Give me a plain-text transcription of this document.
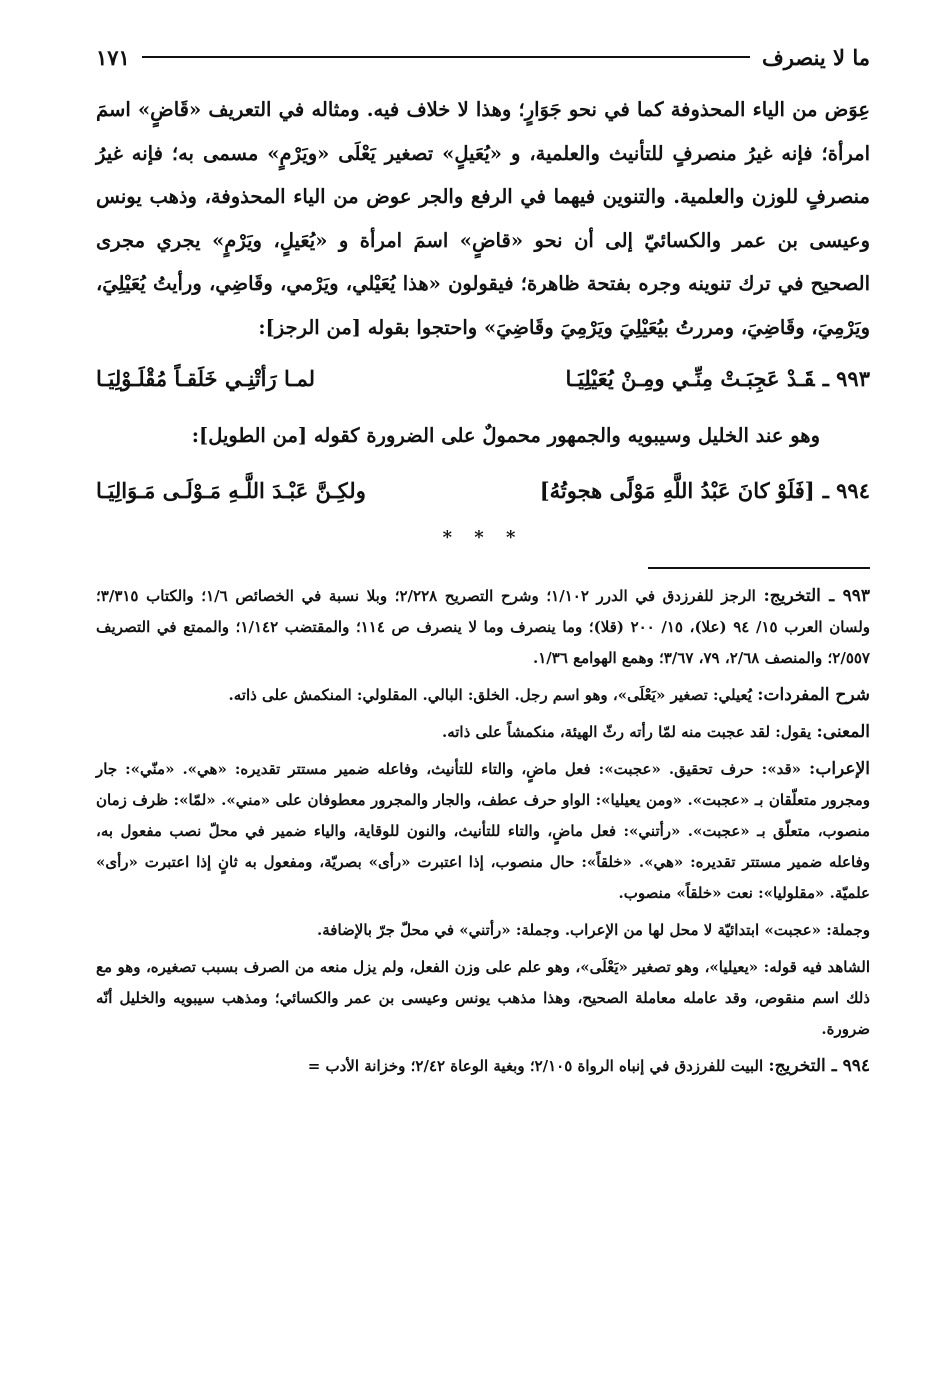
ما لا ينصرف
١٧١

عِوَض من الياء المحذوفة كما في نحو جَوَارٍ؛ وهذا لا خلاف فيه. ومثاله في التعريف «قَاضٍ» اسمَ امرأة؛ فإنه غيرُ منصرفٍ للتأنيث والعلمية، و «يُعَيلٍ» تصغير يَعْلَى «ويَرْمٍ» مسمى به؛ فإنه غيرُ منصرفٍ للوزن والعلمية. والتنوين فيهما في الرفع والجر عوض من الياء المحذوفة، وذهب يونس وعيسى بن عمر والكسائيّ إلى أن نحو «قاضٍ» اسمَ امرأة و «يُعَيلٍ، ويَرْمٍ» يجري مجرى الصحيح في ترك تنوينه وجره بفتحة ظاهرة؛ فيقولون «هذا يُعَيْلي، ويَرْمي، وقَاضِي، ورأيتُ يُعَيْلِيَ، ويَرْمِيَ، وقَاضِيَ، ومررتُ بيُعَيْلِيَ ويَرْمِيَ وقَاضِيَ» واحتجوا بقوله [من الرجز]:

٩٩٣ ـقَـدْ عَجِبَـتْ مِنِّـي ومِـنْ يُعَيْلِيَـا
لمـا رَأتْنِـي خَلَقـاً مُقْلَـوْلِيَـا
وهو عند الخليل وسيبويه والجمهور محمولٌ على الضرورة كقوله [من الطويل]:
٩٩٤ ـ[فَلَوْ كانَ عَبْدُ اللَّهِ مَوْلًى هجوتُهُ]
ولكِـنَّ عَبْـدَ اللَّـهِ مَـوْلَـى مَـوَالِيَـا
* * *

٩٩٣ ـ التخريج: الرجز للفرزدق في الدرر ١/١٠٢؛ وشرح التصريح ٢/٢٢٨؛ وبلا نسبة في الخصائص ١/٦؛ والكتاب ٣/٣١٥؛ ولسان العرب ١٥/ ٩٤ (علا)، ١٥/ ٢٠٠ (قلا)؛ وما ينصرف وما لا ينصرف ص ١١٤؛ والمقتضب ١/١٤٢؛ والممتع في التصريف ٢/٥٥٧؛ والمنصف ٢/٦٨، ٧٩، ٣/٦٧؛ وهمع الهوامع ١/٣٦.

شرح المفردات: يُعيلي: تصغير «يَعْلَى»، وهو اسم رجل. الخلق: البالي. المقلولي: المنكمش على ذاته.

المعنى: يقول: لقد عجبت منه لمّا رأته رثّ الهيئة، منكمشاً على ذاته.

الإعراب: «قد»: حرف تحقيق. «عجبت»: فعل ماضٍ، والتاء للتأنيث، وفاعله ضمير مستتر تقديره: «هي». «منّي»: جار ومجرور متعلّقان بـ «عجبت». «ومن يعيليا»: الواو حرف عطف، والجار والمجرور معطوفان على «مني». «لمّا»: ظرف زمان منصوب، متعلّق بـ «عجبت». «رأتني»: فعل ماضٍ، والتاء للتأنيث، والنون للوقاية، والياء ضمير في محلّ نصب مفعول به، وفاعله ضمير مستتر تقديره: «هي». «خلقاً»: حال منصوب، إذا اعتبرت «رأى» بصريّة، ومفعول به ثانٍ إذا اعتبرت «رأى» علميّة. «مقلوليا»: نعت «خلقاً» منصوب.

وجملة: «عجبت» ابتدائيّة لا محل لها من الإعراب. وجملة: «رأتني» في محلّ جرّ بالإضافة.

الشاهد فيه قوله: «يعيليا»، وهو تصغير «يَعْلَى»، وهو علم على وزن الفعل، ولم يزل منعه من الصرف بسبب تصغيره، وهو مع ذلك اسم منقوص، وقد عامله معاملة الصحيح، وهذا مذهب يونس وعيسى بن عمر والكسائي؛ ومذهب سيبويه والخليل أنّه ضرورة.

٩٩٤ ـ التخريج: البيت للفرزدق في إنباه الرواة ٢/١٠٥؛ وبغية الوعاة ٢/٤٢؛ وخزانة الأدب =
